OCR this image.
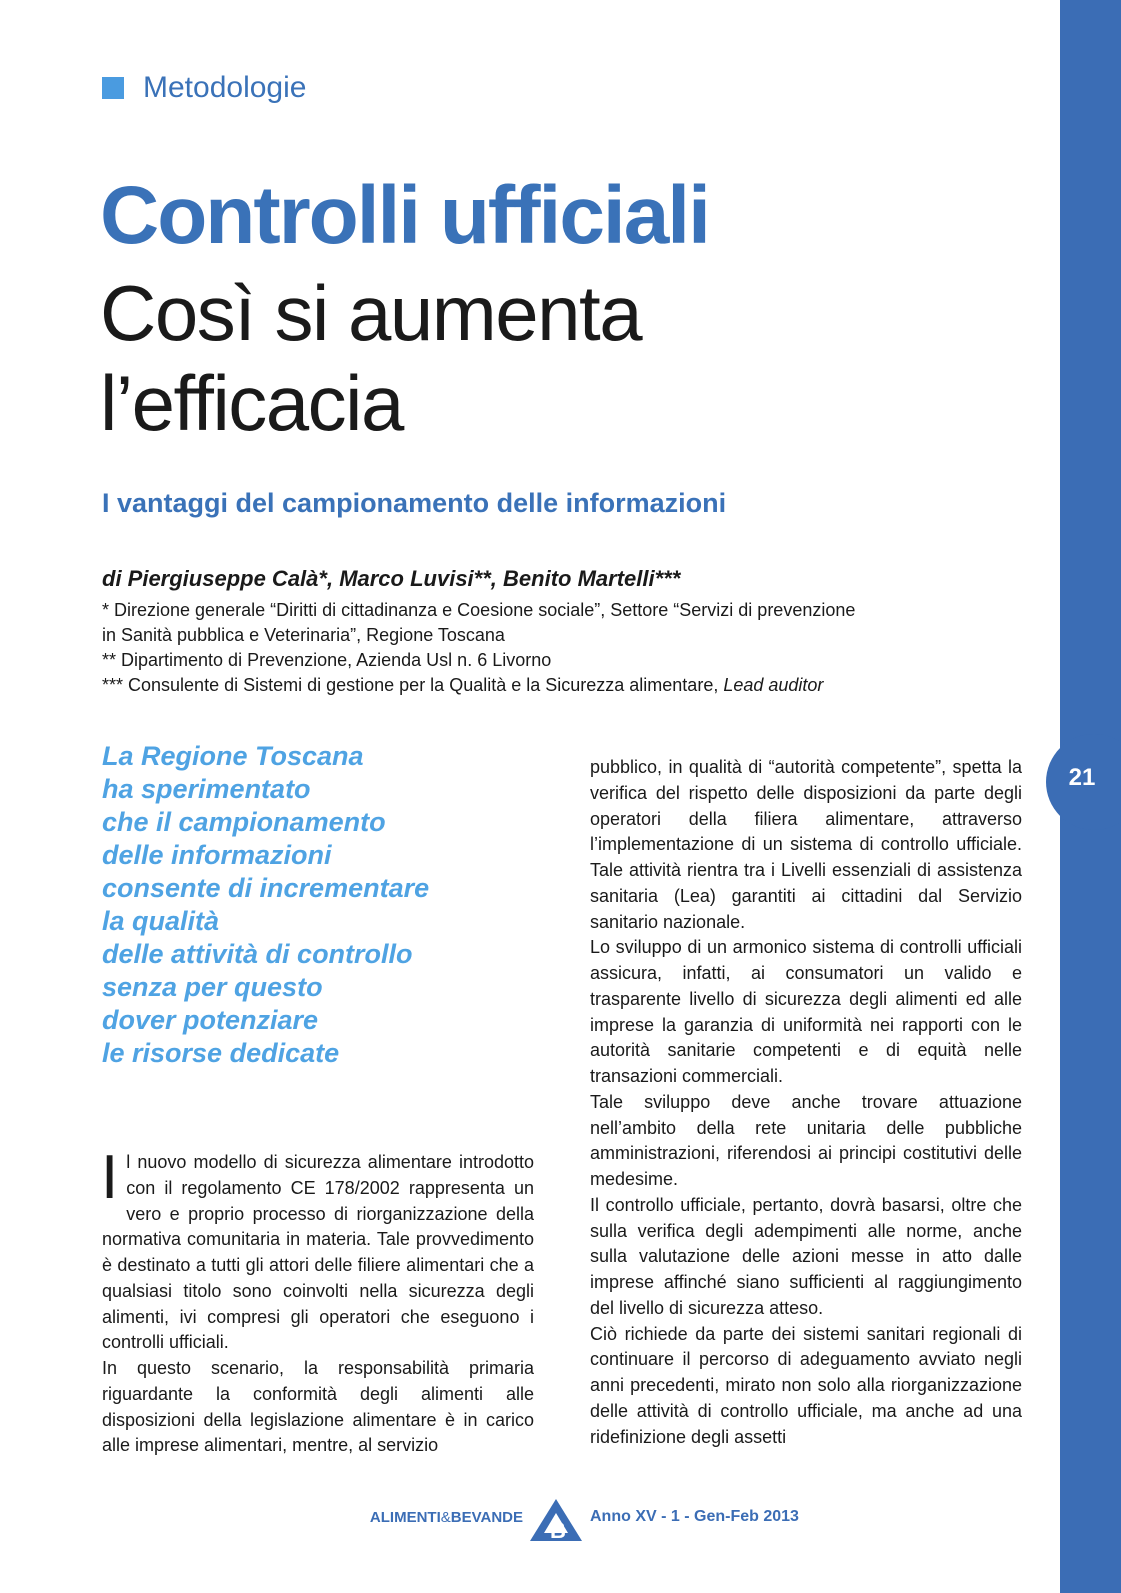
21
Metodologie
Controlli ufficiali
Così si aumenta
l’efficacia
I vantaggi del campionamento delle informazioni

di Piergiuseppe Calà*, Marco Luvisi**, Benito Martelli***

* Direzione generale “Diritti di cittadinanza e Coesione sociale”, Settore “Servizi di prevenzione
in Sanità pubblica e Veterinaria”, Regione Toscana
** Dipartimento di Prevenzione, Azienda Usl n. 6 Livorno
*** Consulente di Sistemi di gestione per la Qualità e la Sicurezza alimentare, Lead auditor
La Regione Toscana
ha sperimentato
che il campionamento
delle informazioni
consente di incrementare
la qualità
delle attività di controllo
senza per questo
dover potenziare
le risorse dedicate

Il nuovo modello di sicurezza alimentare introdotto con il regolamento CE 178/2002 rappresenta un vero e proprio processo di riorganizzazione della normativa comunitaria in materia. Tale provvedimento è destinato a tutti gli attori delle filiere alimentari che a qualsiasi titolo sono coinvolti nella sicurezza degli alimenti, ivi compresi gli operatori che eseguono i controlli ufficiali.

In questo scenario, la responsabilità primaria riguardante la conformità degli alimenti alle disposizioni della legislazione alimentare è in carico alle imprese alimentari, mentre, al servizio

pubblico, in qualità di “autorità competente”, spetta la verifica del rispetto delle disposizioni da parte degli operatori della filiera alimentare, attraverso l’implementazione di un sistema di controllo ufficiale. Tale attività rientra tra i Livelli essenziali di assistenza sanitaria (Lea) garantiti ai cittadini dal Servizio sanitario nazionale.

Lo sviluppo di un armonico sistema di controlli ufficiali assicura, infatti, ai consumatori un valido e trasparente livello di sicurezza degli alimenti ed alle imprese la garanzia di uniformità nei rapporti con le autorità sanitarie competenti e di equità nelle transazioni commerciali.

Tale sviluppo deve anche trovare attuazione nell’ambito della rete unitaria delle pubbliche amministrazioni, riferendosi ai principi costitutivi delle medesime.

Il controllo ufficiale, pertanto, dovrà basarsi, oltre che sulla verifica degli adempimenti alle norme, anche sulla valutazione delle azioni messe in atto dalle imprese affinché siano sufficienti al raggiungimento del livello di sicurezza atteso.

Ciò richiede da parte dei sistemi sanitari regionali di continuare il percorso di adeguamento avviato negli anni precedenti, mirato non solo alla riorganizzazione delle attività di controllo ufficiale, ma anche ad una ridefinizione degli assetti

ALIMENTI&BEVANDE
B
Anno XV - 1 - Gen-Feb 2013
